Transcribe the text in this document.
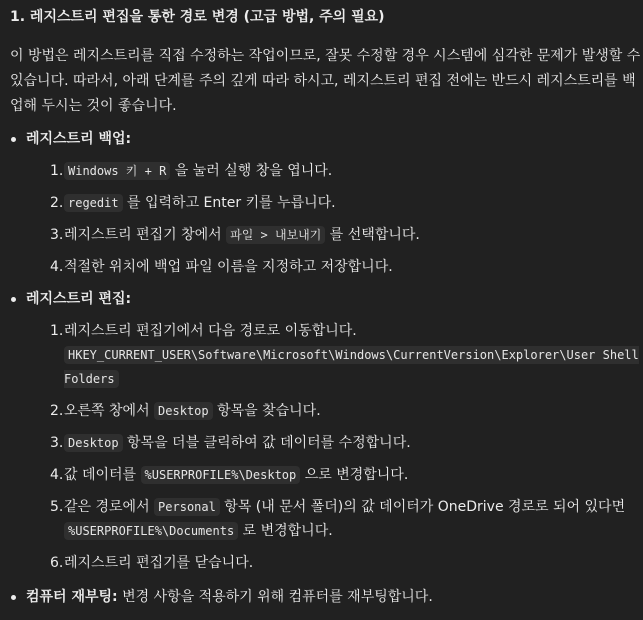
1. 레지스트리 편집을 통한 경로 변경 (고급 방법, 주의 필요)

이 방법은 레지스트리를 직접 수정하는 작업이므로, 잘못 수정할 경우 시스템에 심각한 문제가 발생할 수 있습니다. 따라서, 아래 단계를 주의 깊게 따라 하시고, 레지스트리 편집 전에는 반드시 레지스트리를 백업해 두시는 것이 좋습니다.

레지스트리 백업:
1. Windows 키 + R 을 눌러 실행 창을 엽니다.
2. regedit 를 입력하고 Enter 키를 누릅니다.
3. 레지스트리 편집기 창에서 파일 > 내보내기 를 선택합니다.
4. 적절한 위치에 백업 파일 이름을 지정하고 저장합니다.
레지스트리 편집:
1. 레지스트리 편집기에서 다음 경로로 이동합니다.
HKEY_CURRENT_USER\Software\Microsoft\Windows\CurrentVersion\Explorer\User Shell Folders
2. 오른쪽 창에서 Desktop 항목을 찾습니다.
3. Desktop 항목을 더블 클릭하여 값 데이터를 수정합니다.
4. 값 데이터를 %USERPROFILE%\Desktop 으로 변경합니다.
5. 같은 경로에서 Personal 항목 (내 문서 폴더)의 값 데이터가 OneDrive 경로로 되어 있다면 %USERPROFILE%\Documents 로 변경합니다.
6. 레지스트리 편집기를 닫습니다.
컴퓨터 재부팅: 변경 사항을 적용하기 위해 컴퓨터를 재부팅합니다.
